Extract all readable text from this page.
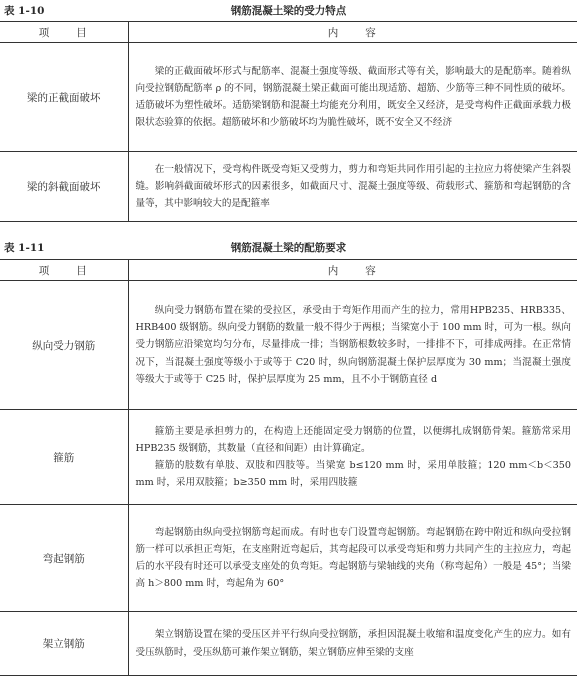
表 1-10	钢筋混凝土梁的受力特点
项　　目	内　　容
梁的正截面破坏	梁的正截面破坏形式与配筋率、混凝土强度等级、截面形式等有关，影响最大的是配筋率。随着纵向受拉钢筋配筋率 ρ 的不同，钢筋混凝土梁正截面可能出现适筋、超筋、少筋等三种不同性质的破坏。适筋破坏为塑性破坏。适筋梁钢筋和混凝土均能充分利用，既安全又经济，是受弯构件正截面承载力极限状态验算的依据。超筋破坏和少筋破坏均为脆性破坏，既不安全又不经济

梁的斜截面破坏	在一般情况下，受弯构件既受弯矩又受剪力，剪力和弯矩共同作用引起的主拉应力将使梁产生斜裂缝。影响斜截面破坏形式的因素很多，如截面尺寸、混凝土强度等级、荷载形式、箍筋和弯起钢筋的含量等，其中影响较大的是配箍率
表 1-11	钢筋混凝土梁的配筋要求
项　　目	内　　容
纵向受力钢筋	纵向受力钢筋布置在梁的受拉区，承受由于弯矩作用而产生的拉力，常用HPB235、HRB335、HRB400 级钢筋。纵向受力钢筋的数量一般不得少于两根；当梁宽小于 100 mm 时，可为一根。纵向受力钢筋应沿梁宽均匀分布，尽量排成一排；当钢筋根数较多时，一排排不下，可排成两排。在正常情况下，当混凝土强度等级小于或等于 C20 时，纵向钢筋混凝土保护层厚度为 30 mm；当混凝土强度等级大于或等于 C25 时，保护层厚度为 25 mm，且不小于钢筋直径 d

箍筋	箍筋主要是承担剪力的，在构造上还能固定受力钢筋的位置，以便绑扎成钢筋骨架。箍筋常采用 HPB235 级钢筋，其数量（直径和间距）由计算确定。
箍筋的肢数有单肢、双肢和四肢等。当梁宽 b≤120 mm 时，采用单肢箍；120 mm＜b＜350 mm 时，采用双肢箍；b≥350 mm 时，采用四肢箍

弯起钢筋	弯起钢筋由纵向受拉钢筋弯起而成。有时也专门设置弯起钢筋。弯起钢筋在跨中附近和纵向受拉钢筋一样可以承担正弯矩，在支座附近弯起后，其弯起段可以承受弯矩和剪力共同产生的主拉应力，弯起后的水平段有时还可以承受支座处的负弯矩。弯起钢筋与梁轴线的夹角（称弯起角）一般是 45°；当梁高 h＞800 mm 时，弯起角为 60°

架立钢筋	架立钢筋设置在梁的受压区并平行纵向受拉钢筋，承担因混凝土收缩和温度变化产生的应力。如有受压纵筋时，受压纵筋可兼作架立钢筋，架立钢筋应伸至梁的支座
